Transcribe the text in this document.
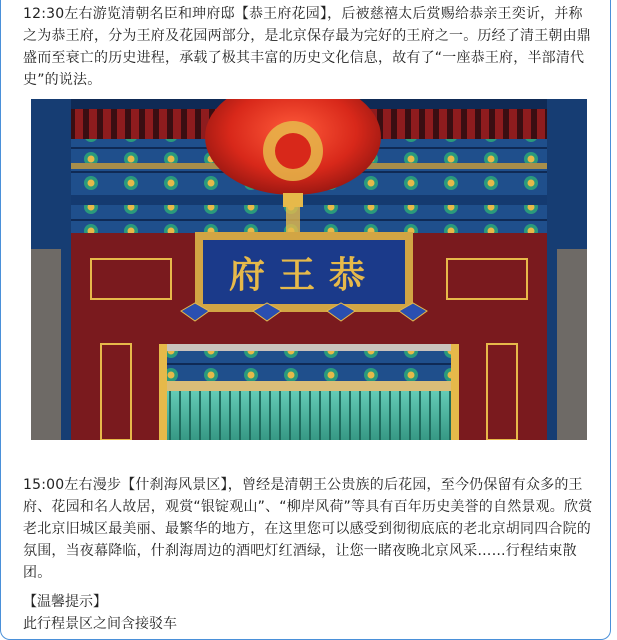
12:30左右游览清朝名臣和珅府邸【恭王府花园】，后被慈禧太后赏赐给恭亲王奕䜣，并称之为恭王府，分为王府及花园两部分，是北京保存最为完好的王府之一。历经了清王朝由鼎盛而至衰亡的历史进程，承载了极其丰富的历史文化信息，故有了“一座恭王府，半部清代史”的说法。
府王恭
15:00左右漫步【什刹海风景区】，曾经是清朝王公贵族的后花园，至今仍保留有众多的王府、花园和名人故居，观赏“银锭观山”、“柳岸风荷”等具有百年历史美誉的自然景观。欣赏老北京旧城区最美丽、最繁华的地方，在这里您可以感受到彻彻底底的老北京胡同四合院的氛围，当夜幕降临，什刹海周边的酒吧灯红酒绿，让您一睹夜晚北京风采……行程结束散团。
【温馨提示】
此行程景区之间含接驳车
